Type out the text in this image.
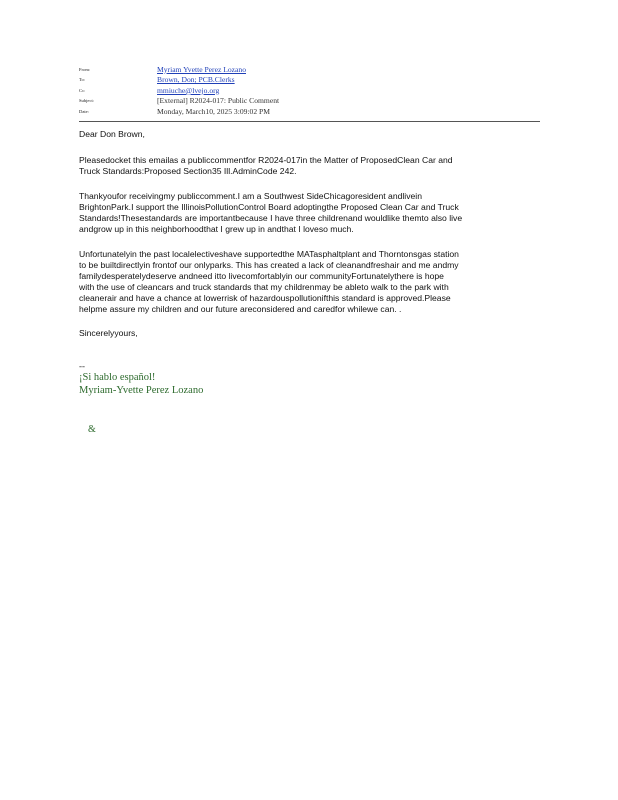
From:	Myriam Yvette Perez Lozano
To:	Brown, Don; PCB.Clerks
Cc:	mmiuche@lvejo.org
Subject:	[External] R2024-017: Public Comment
Date:	Monday, March10, 2025 3:09:02 PM

Dear Don Brown,

Pleasedocket this emailas a publiccommentfor R2024-017in the Matter of ProposedClean Car and

Truck Standards:Proposed Section35 Ill.AdminCode 242.

Thankyoufor receivingmy publiccomment.I am a Southwest SideChicagoresident andlivein

BrightonPark.I support the IllinoisPollutionControl Board adoptingthe Proposed Clean Car and Truck

Standards!Thesestandards are importantbecause I have three childrenand wouldlike themto also live

andgrow up in this neighborhoodthat I grew up in andthat I loveso much.

Unfortunatelyin the past localelectiveshave supportedthe MATasphaltplant and Thorntonsgas station

to be builtdirectlyin frontof our onlyparks. This has created a lack of cleanandfreshair and me andmy

familydesperatelydeserve andneed itto livecomfortablyin our communityFortunatelythere is hope

with the use of cleancars and truck standards that my childrenmay be ableto walk to the park with

cleanerair and have a chance at lowerrisk of hazardouspollutionifthis standard is approved.Please

helpme assure my children and our future areconsidered and caredfor whilewe can. .

Sincerelyyours,

--
¡Si hablo español!
Myriam-Yvette Perez Lozano
&
